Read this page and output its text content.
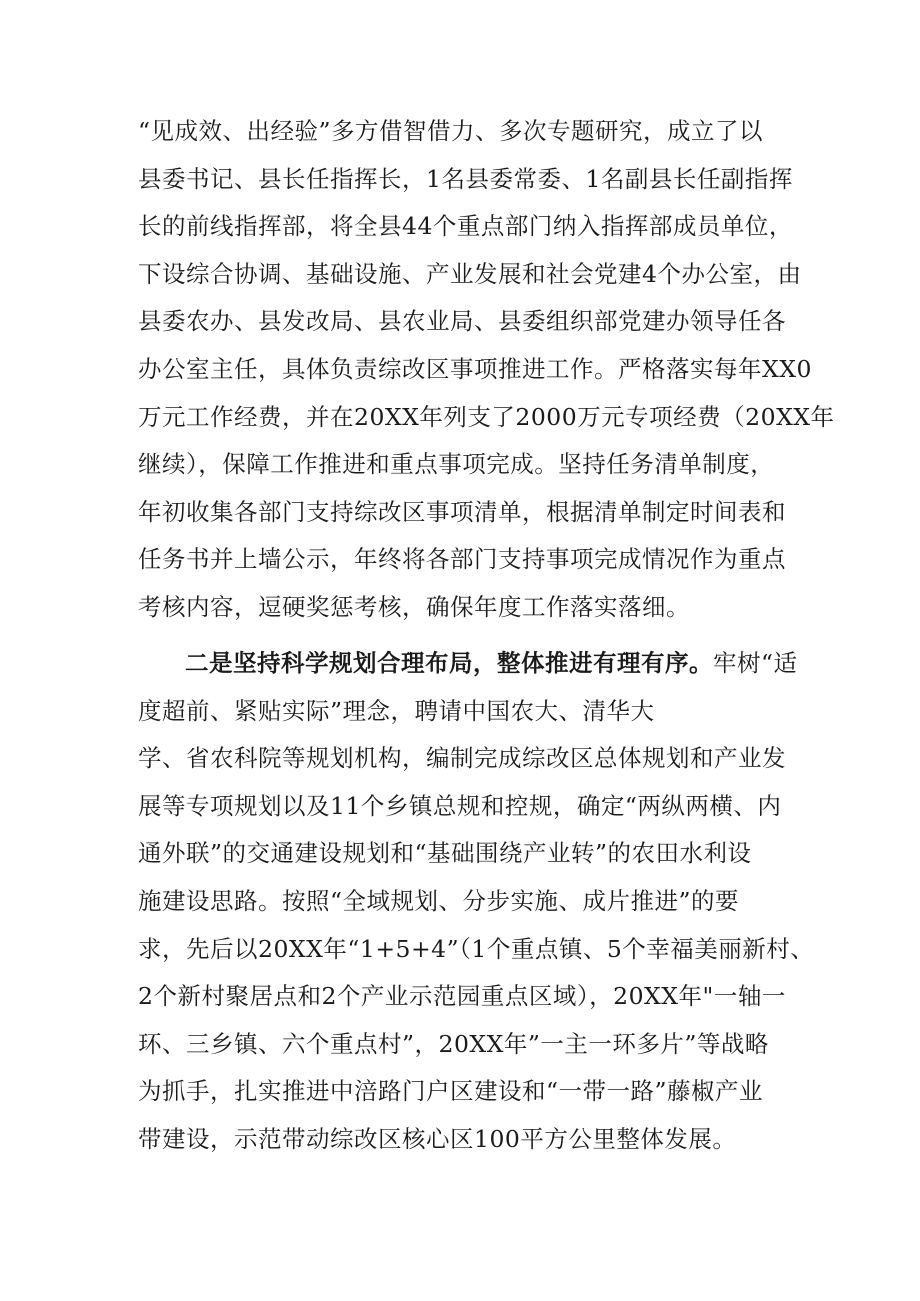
“见成效、出经验”多方借智借力、多次专题研究，成立了以
县委书记、县长任指挥长，1名县委常委、1名副县长任副指挥
长的前线指挥部，将全县44个重点部门纳入指挥部成员单位，
下设综合协调、基础设施、产业发展和社会党建4个办公室，由
县委农办、县发改局、县农业局、县委组织部党建办领导任各
办公室主任，具体负责综改区事项推进工作。严格落实每年XX0
万元工作经费，并在20XX年列支了2000万元专项经费（20XX年
继续），保障工作推进和重点事项完成。坚持任务清单制度，
年初收集各部门支持综改区事项清单，根据清单制定时间表和
任务书并上墙公示，年终将各部门支持事项完成情况作为重点
考核内容，逗硬奖惩考核，确保年度工作落实落细。
二是坚持科学规划合理布局，整体推进有理有序。牢树“适
度超前、紧贴实际”理念，聘请中国农大、清华大
学、省农科院等规划机构，编制完成综改区总体规划和产业发
展等专项规划以及11个乡镇总规和控规，确定“两纵两横、内
通外联”的交通建设规划和“基础围绕产业转”的农田水利设
施建设思路。按照“全域规划、分步实施、成片推进”的要
求，先后以20XX年“1+5+4”（1个重点镇、5个幸福美丽新村、
2个新村聚居点和2个产业示范园重点区域），20XX年"一轴一
环、三乡镇、六个重点村”，20XX年”一主一环多片”等战略
为抓手，扎实推进中涪路门户区建设和“一带一路”藤椒产业
带建设，示范带动综改区核心区100平方公里整体发展。
